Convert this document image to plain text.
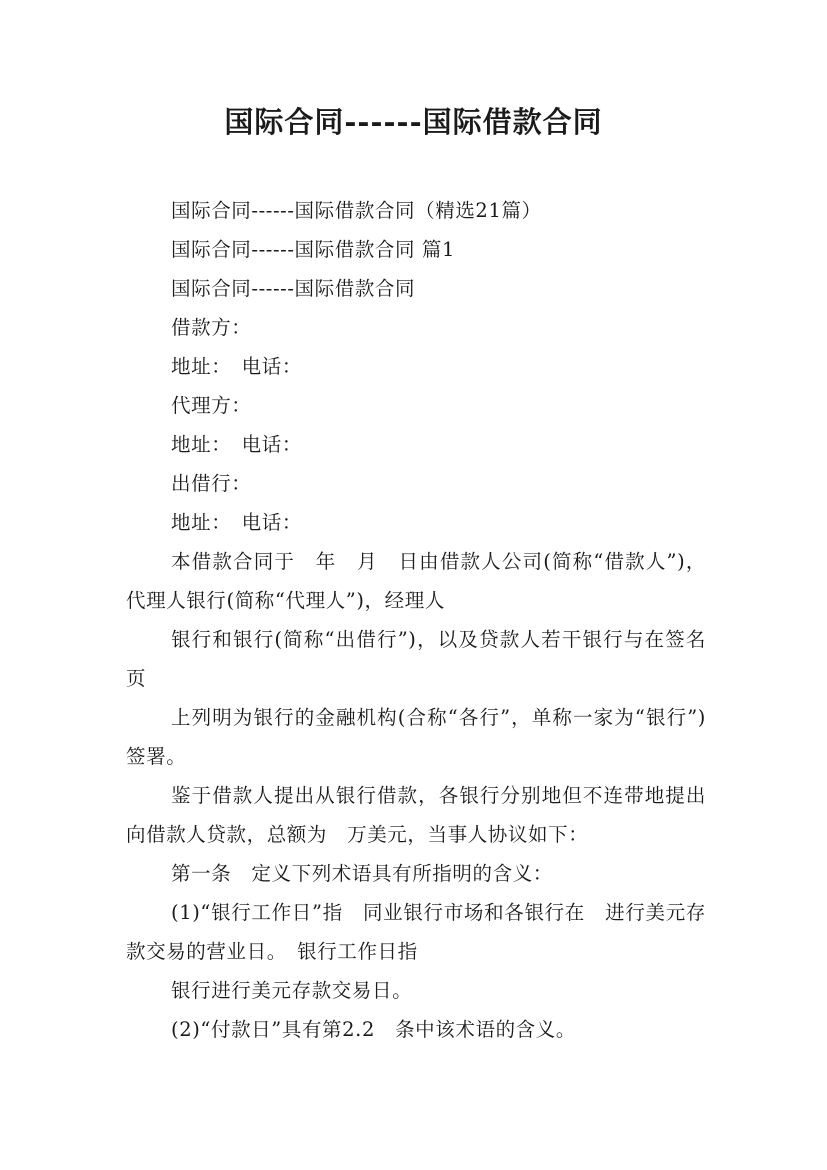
国际合同------国际借款合同

国际合同------国际借款合同（精选21篇）

国际合同------国际借款合同 篇1

国际合同------国际借款合同

借款方：

地址：　电话：

代理方：

地址：　电话：

出借行：

地址：　电话：

本借款合同于　年　月　日由借款人公司(简称“借款人”)，代理人银行(简称“代理人”)，经理人

银行和银行(简称“出借行”)，以及贷款人若干银行与在签名页

上列明为银行的金融机构(合称“各行”，单称一家为“银行”)签署。

鉴于借款人提出从银行借款，各银行分别地但不连带地提出向借款人贷款，总额为　万美元，当事人协议如下：

第一条　定义下列术语具有所指明的含义：

(1)“银行工作日”指　同业银行市场和各银行在　进行美元存款交易的营业日。　银行工作日指

银行进行美元存款交易日。

(2)“付款日”具有第2.2　条中该术语的含义。
